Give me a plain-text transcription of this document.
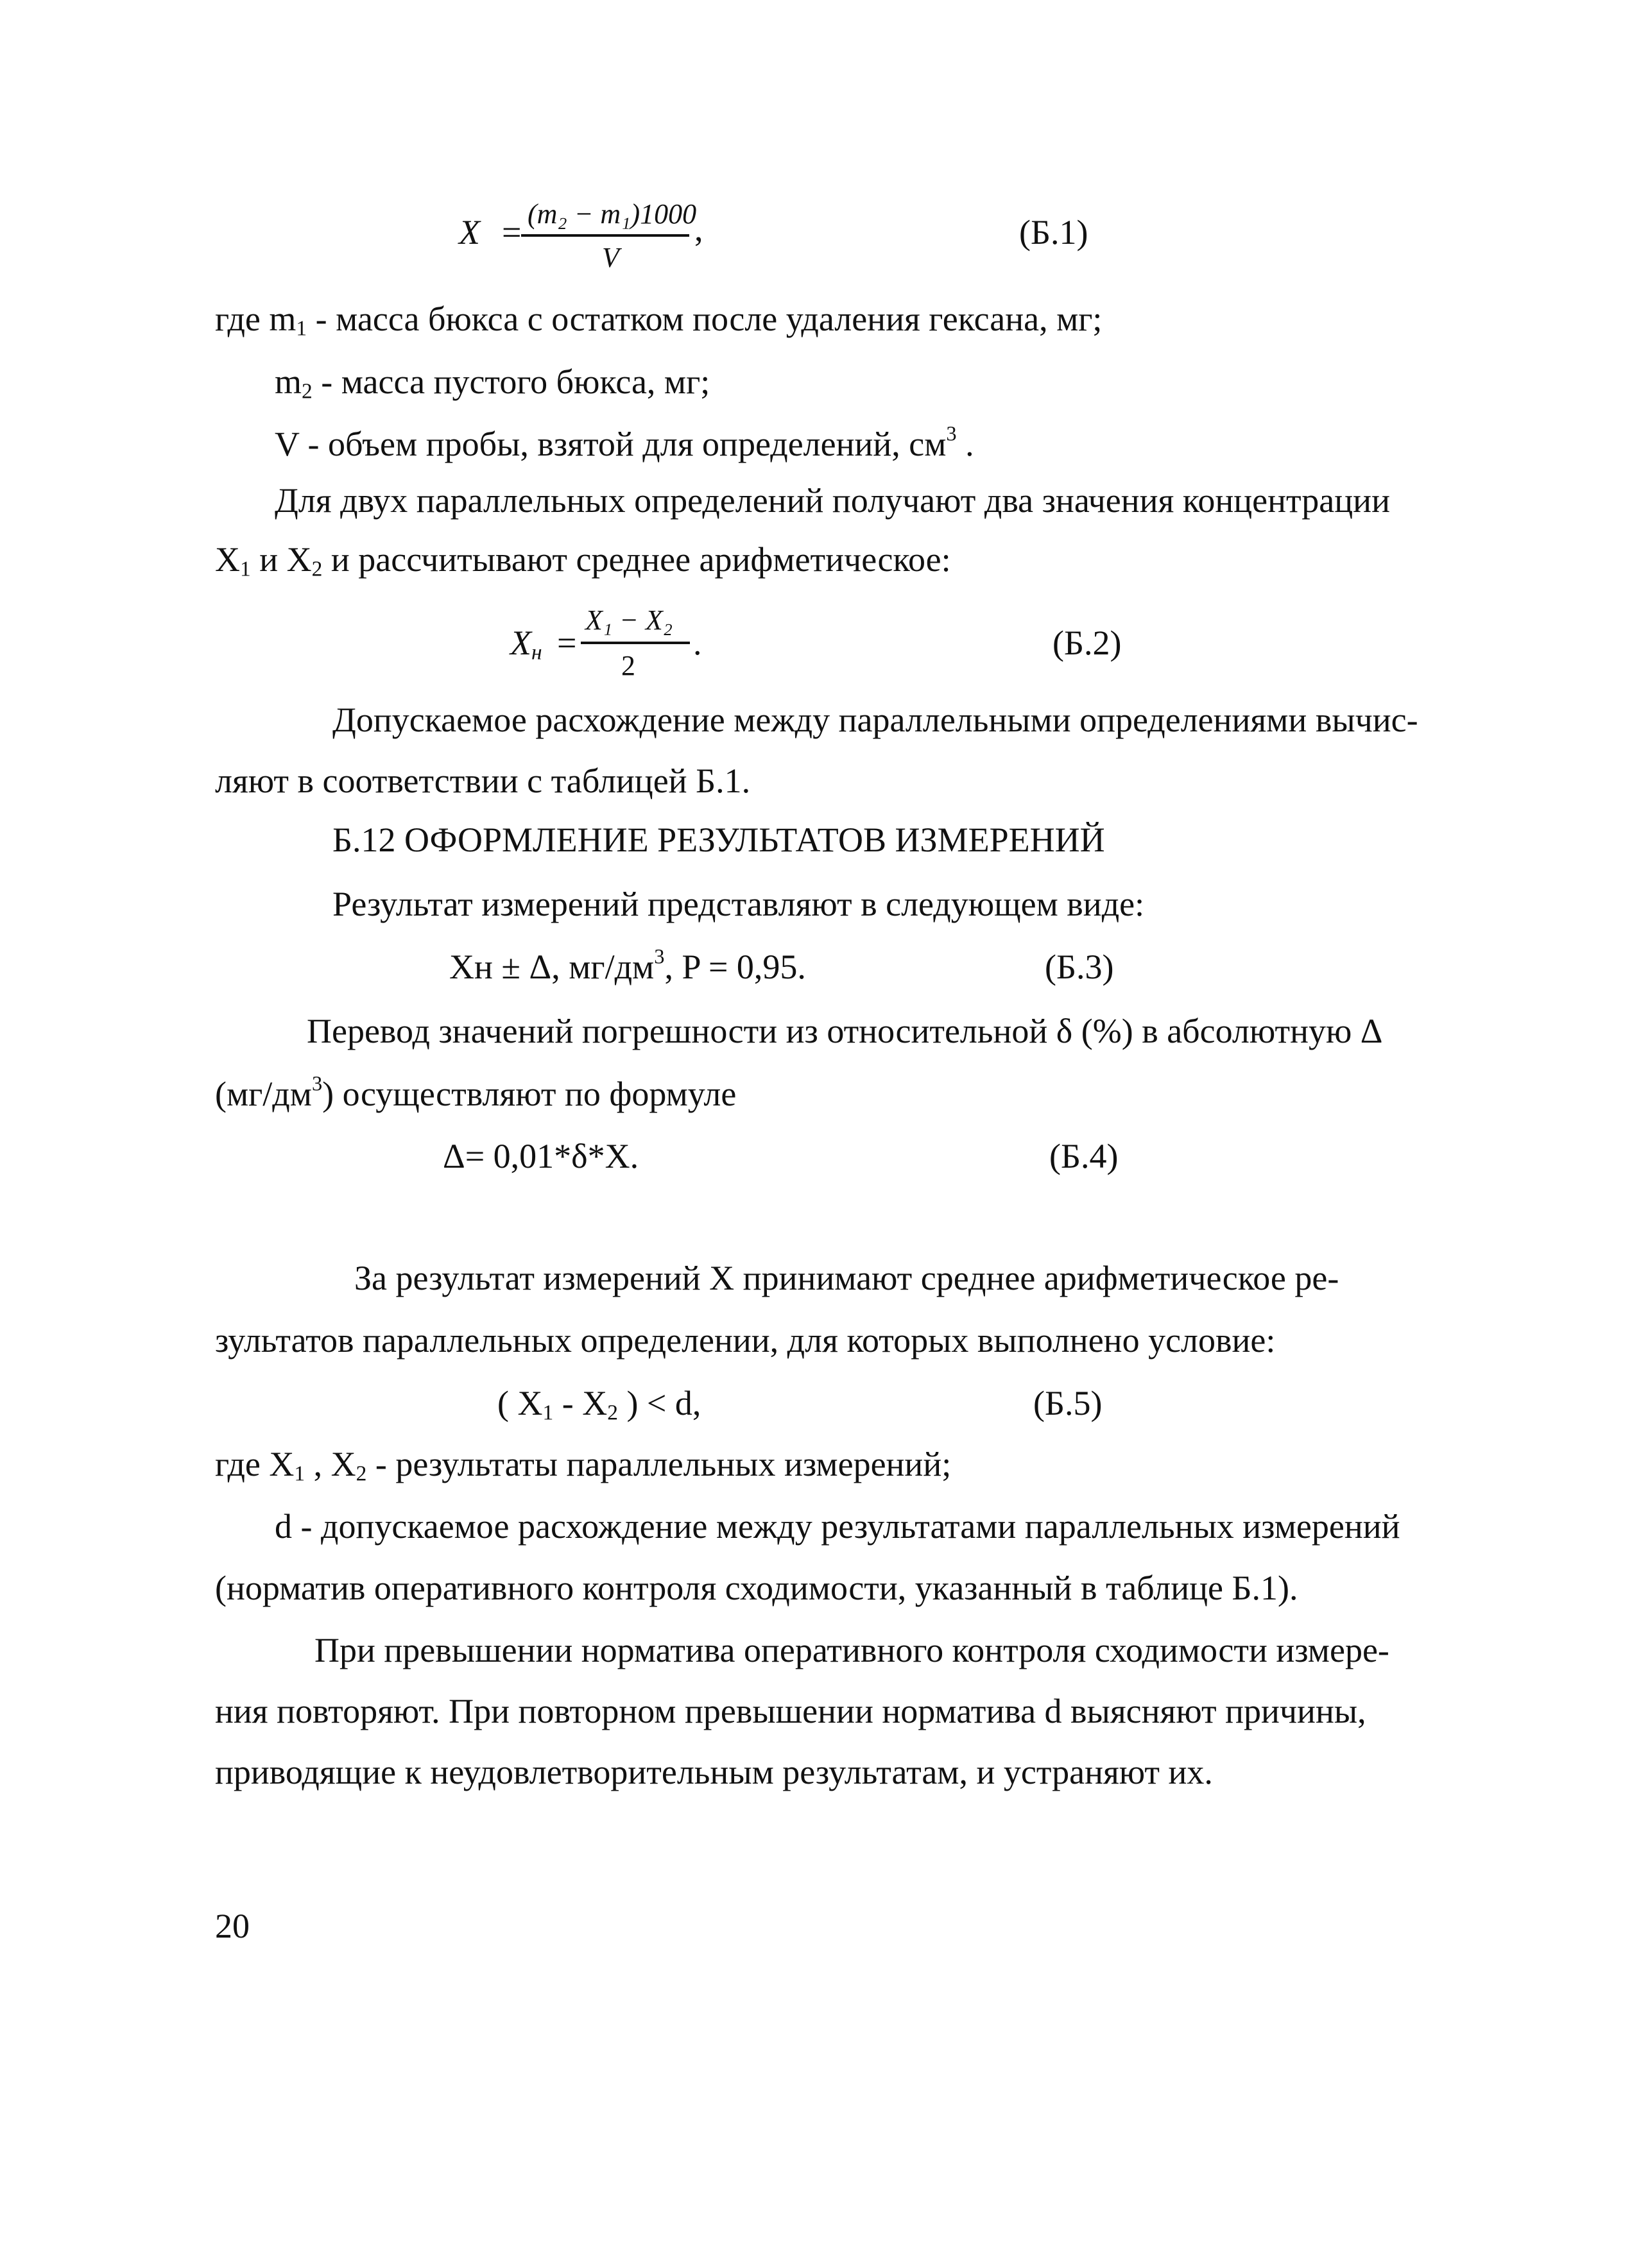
X = (m₂ − m₁)1000
V
,	(Б.1)
где $m_1$ - масса бюкса с остатком после удаления гексана, мг;
$m_2$ - масса пустого бюкса, мг;
V - объем пробы, взятой для определений, $см^3$ .
Для двух параллельных определений получают два значения концентрации
$X_1$ и $X_2$ и рассчитывают среднее арифметическое:
$X_н$ =
X₁ − X₂
2
.	(Б.2)
Допускаемое расхождение между параллельными определениями вычис-
ляют в соответствии с таблицей Б.1.
Б.12 ОФОРМЛЕНИЕ РЕЗУЛЬТАТОВ ИЗМЕРЕНИЙ
Результат измерений представляют в следующем виде:
Xн ± Δ, $мг/дм^3$, P = 0,95.	(Б.3)
Перевод значений погрешности из относительной δ (%) в абсолютную Δ
$(мг/дм^3)$ осуществляют по формуле
Δ= 0,01*δ*X.	(Б.4)
За результат измерений X принимают среднее арифметическое ре-
зультатов параллельных определении, для которых выполнено условие:
( $X_1 - X_2$ ) < d,	(Б.5)
где $X_1$ , $X_2$ - результаты параллельных измерений;
d - допускаемое расхождение между результатами параллельных измерений
(норматив оперативного контроля сходимости, указанный в таблице Б.1).
При превышении норматива оперативного контроля сходимости измере-
ния повторяют. При повторном превышении норматива d выясняют причины,
приводящие к неудовлетворительным результатам, и устраняют их.
20
